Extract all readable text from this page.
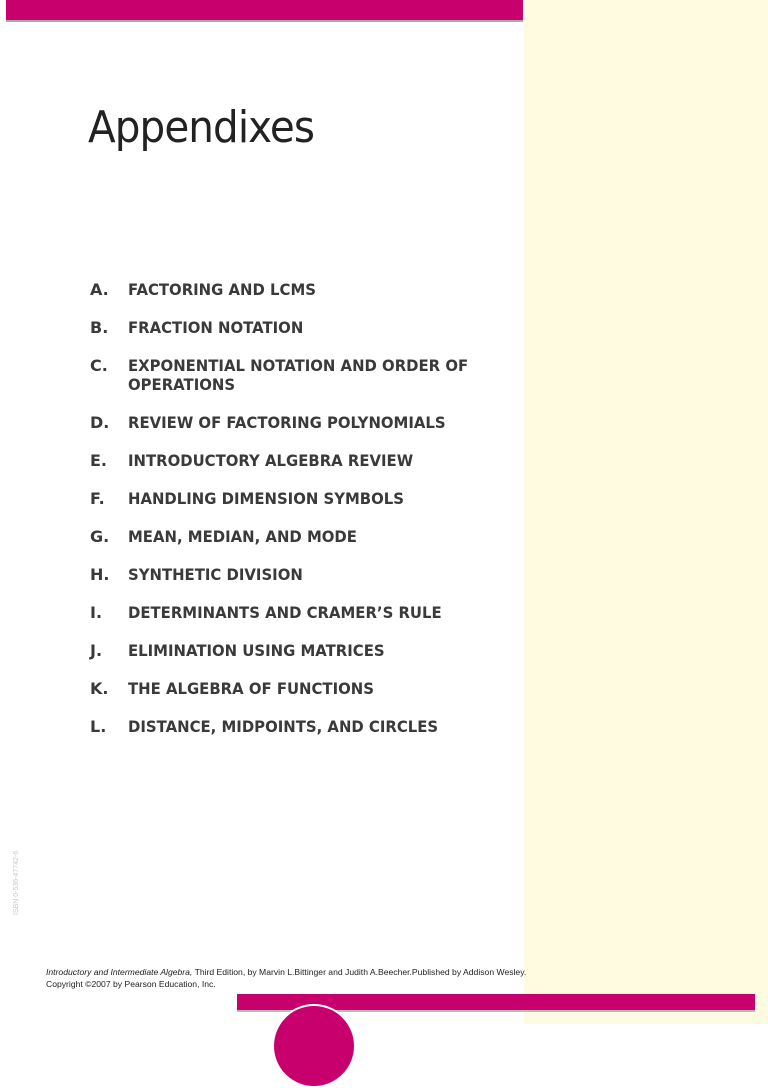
Appendixes
A.	FACTORING AND LCMS
B.	FRACTION NOTATION
C.	EXPONENTIAL NOTATION AND ORDER OF OPERATIONS
D.	REVIEW OF FACTORING POLYNOMIALS
E.	INTRODUCTORY ALGEBRA REVIEW
F.	HANDLING DIMENSION SYMBOLS
G.	MEAN, MEDIAN, AND MODE
H.	SYNTHETIC DIVISION
I.	DETERMINANTS AND CRAMER’S RULE
J.	ELIMINATION USING MATRICES
K.	THE ALGEBRA OF FUNCTIONS
L.	DISTANCE, MIDPOINTS, AND CIRCLES
ISBN 0-536-47742-6
Introductory and Intermediate Algebra, Third Edition, by Marvin L.Bittinger and Judith A.Beecher.Published by Addison Wesley.
Copyright ©2007 by Pearson Education, Inc.
